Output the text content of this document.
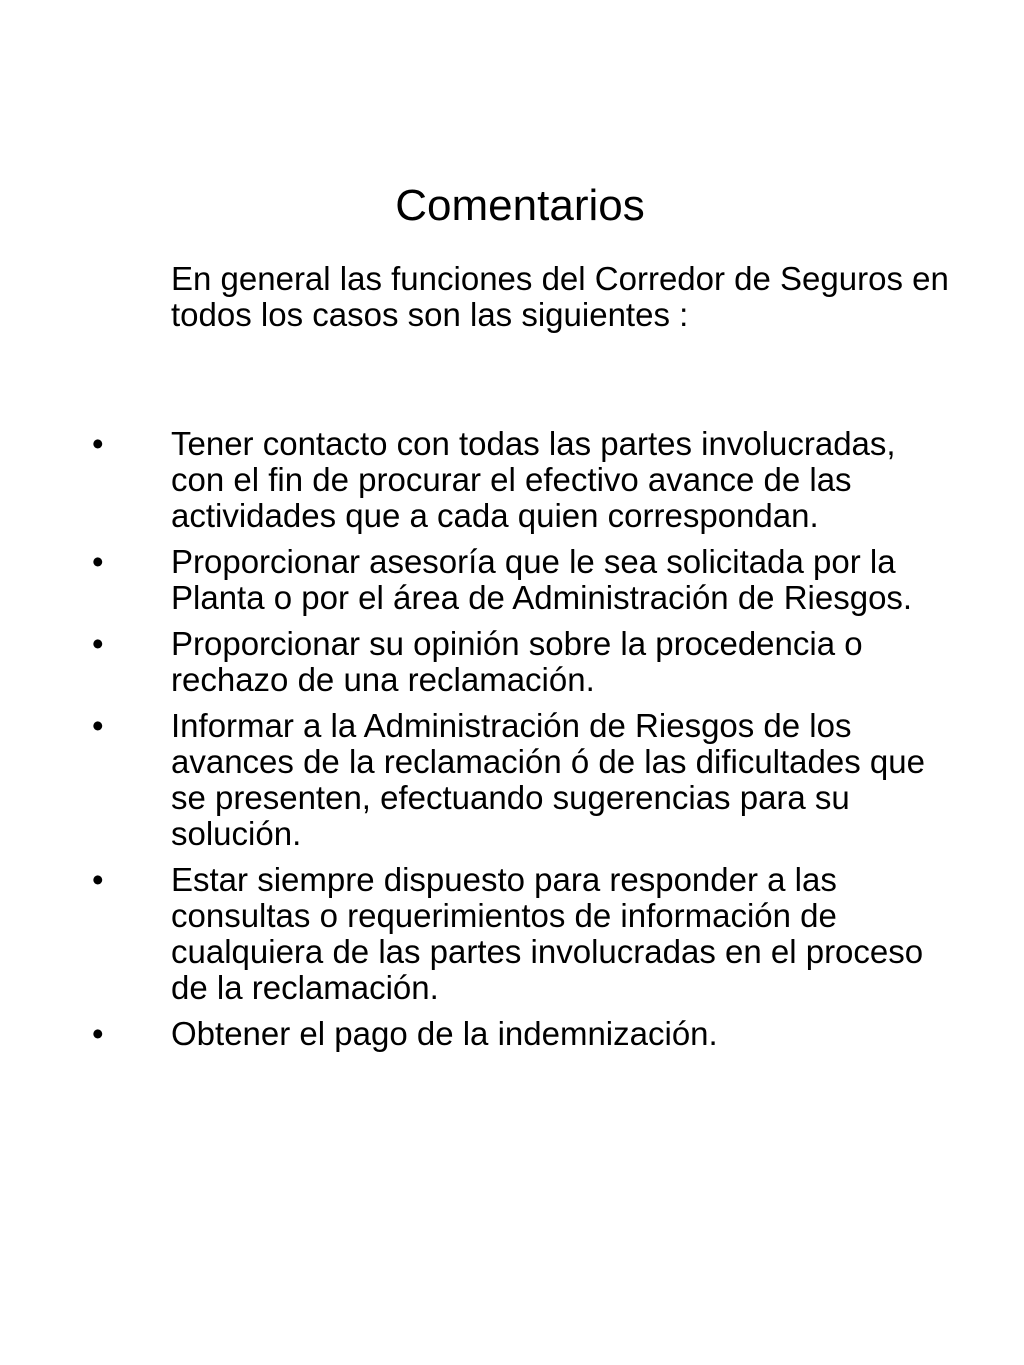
Comentarios

En general las funciones del Corredor de Seguros en todos los casos son las siguientes :

• Tener contacto con todas las partes involucradas, con el fin de procurar el efectivo avance de las actividades que a cada quien correspondan.
• Proporcionar asesoría que le sea solicitada por la Planta o por el área de Administración de Riesgos.
• Proporcionar su opinión sobre la procedencia o rechazo de una reclamación.
• Informar a la Administración de Riesgos de los avances de la reclamación ó de las dificultades que se presenten, efectuando sugerencias para su solución.
• Estar siempre dispuesto para responder a las consultas o requerimientos de información de cualquiera de las partes involucradas en el proceso de la reclamación.
• Obtener el pago de la indemnización.
